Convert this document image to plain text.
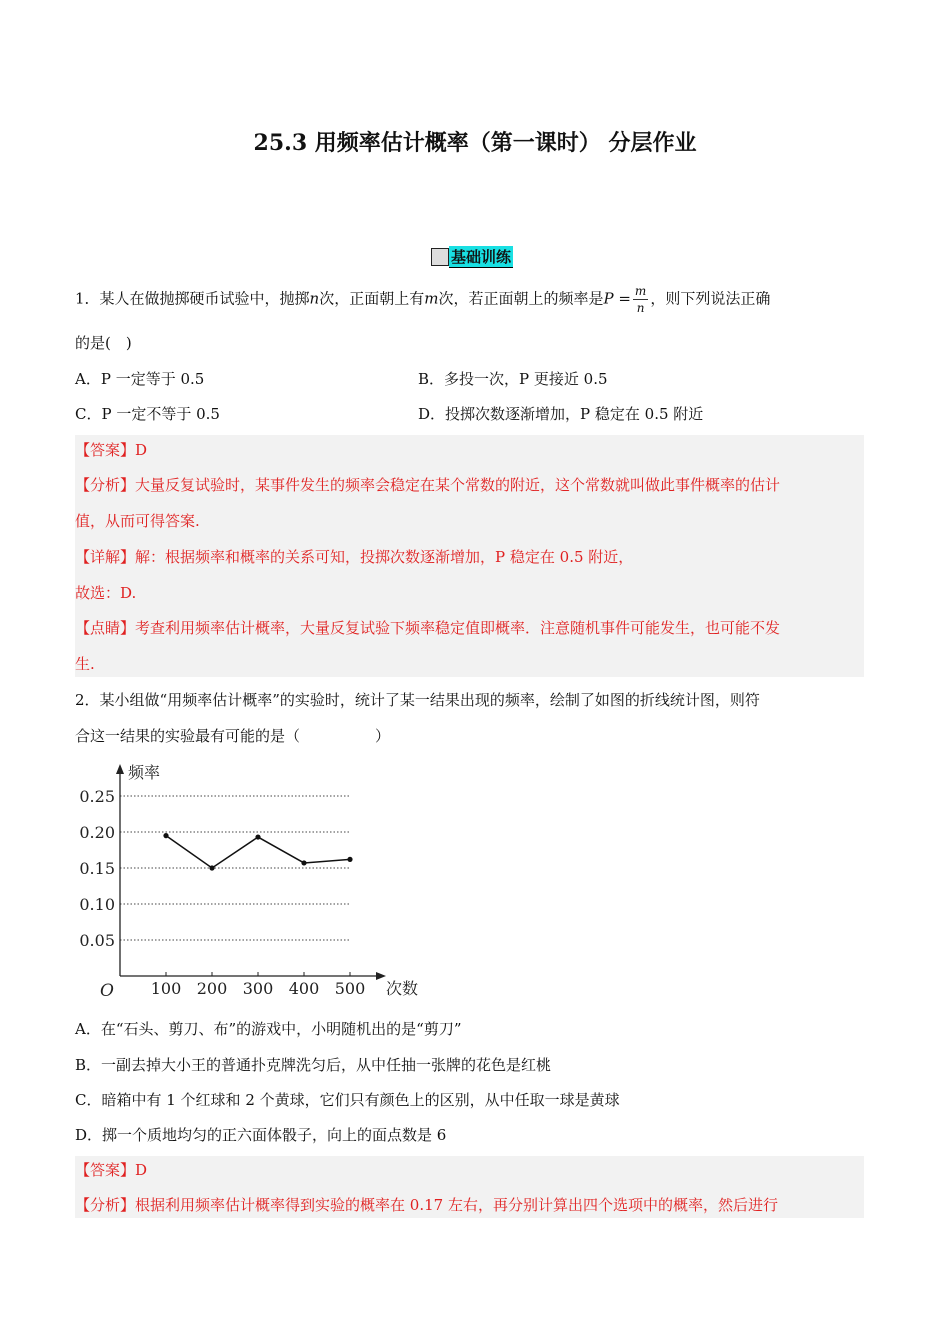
25.3 用频率估计概率（第一课时） 分层作业
基础训练
1．某人在做抛掷硬币试验中，抛掷n次，正面朝上有m次，若正面朝上的频率是$P = \frac{m}{n}$ ，则下列说法正确
的是(　)
A．P 一定等于 0.5	B．多投一次，P 更接近 0.5
C．P 一定不等于 0.5	D．投掷次数逐渐增加，P 稳定在 0.5 附近
【答案】D
【分析】大量反复试验时，某事件发生的频率会稳定在某个常数的附近，这个常数就叫做此事件概率的估计
值，从而可得答案.
【详解】解：根据频率和概率的关系可知，投掷次数逐渐增加，P 稳定在 0.5 附近，
故选：D.
【点睛】考查利用频率估计概率，大量反复试验下频率稳定值即概率．注意随机事件可能发生，也可能不发
生.
2．某小组做“用频率估计概率”的实验时，统计了某一结果出现的频率，绘制了如图的折线统计图，则符
合这一结果的实验最有可能的是（　　　　　）
0.05
0.10
0.15
0.20
0.25
100 200 300 400 500
频率
次数
O
A．在“石头、剪刀、布”的游戏中，小明随机出的是“剪刀”
B．一副去掉大小王的普通扑克牌洗匀后，从中任抽一张牌的花色是红桃
C．暗箱中有 1 个红球和 2 个黄球，它们只有颜色上的区别，从中任取一球是黄球
D．掷一个质地均匀的正六面体骰子，向上的面点数是 6
【答案】D
【分析】根据利用频率估计概率得到实验的概率在 0.17 左右，再分别计算出四个选项中的概率，然后进行
